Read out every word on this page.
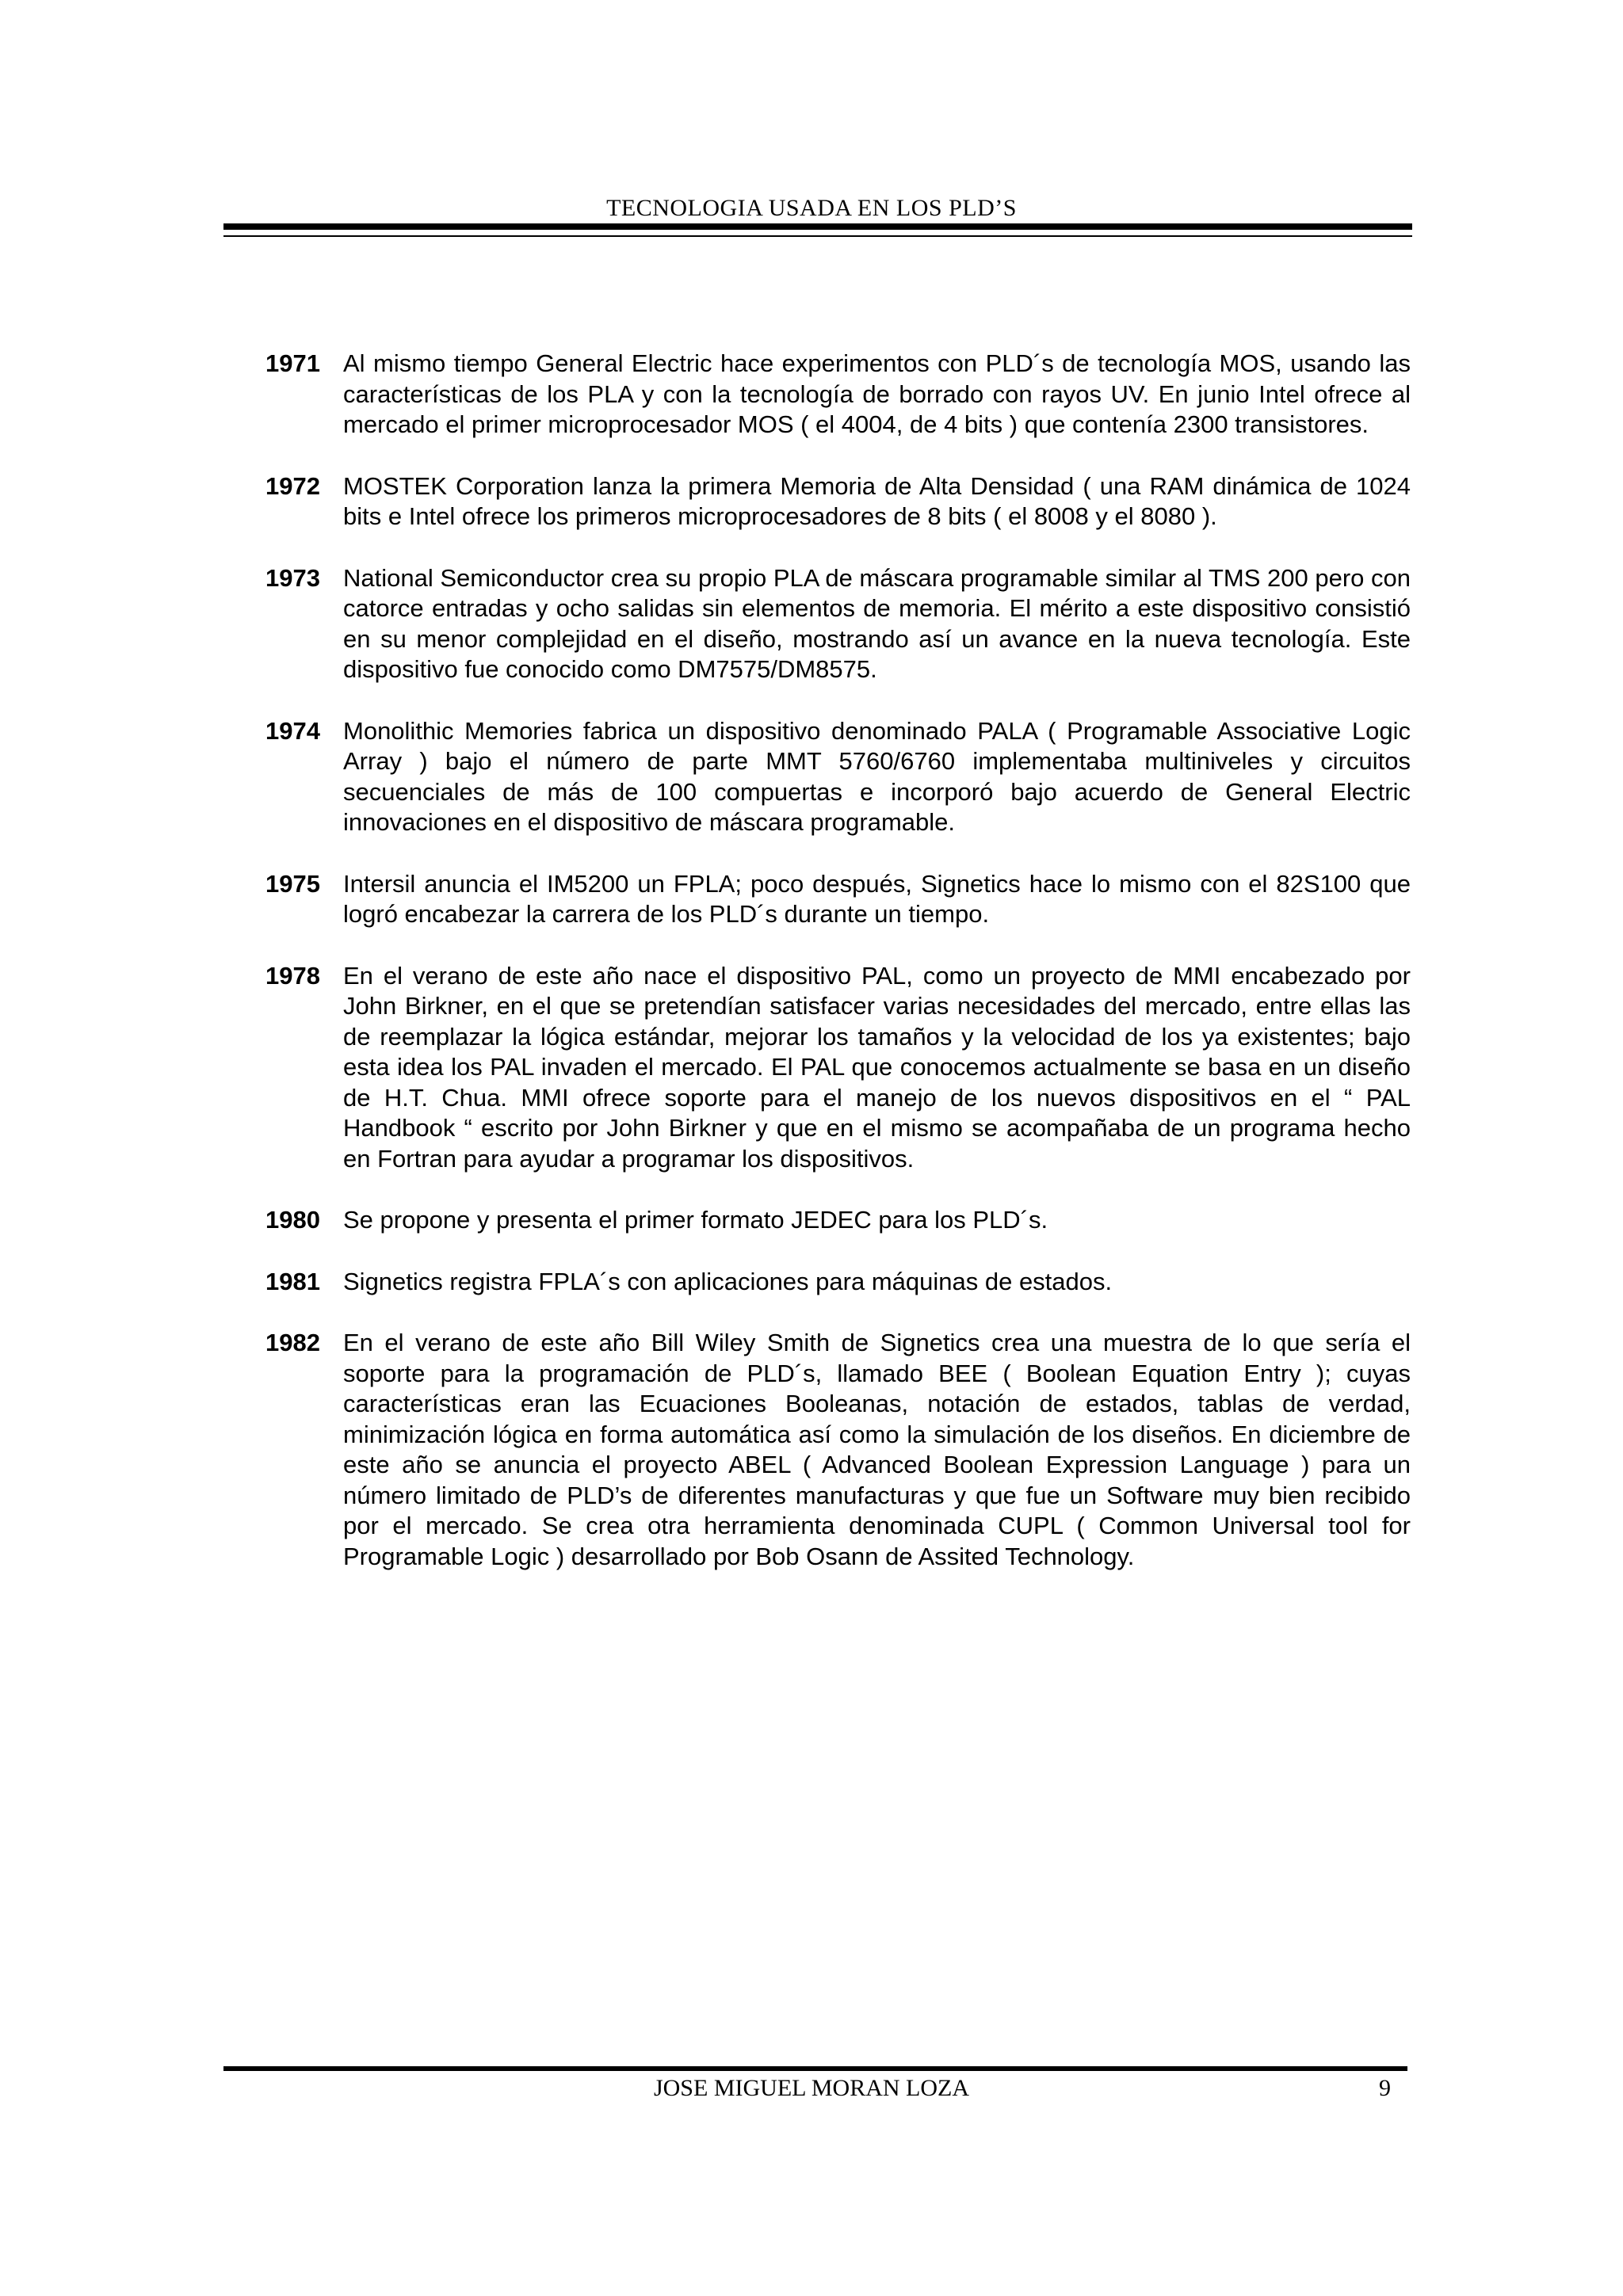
TECNOLOGIA USADA EN LOS PLD’S
1971 Al mismo tiempo General Electric hace experimentos con PLD´s de tecnología MOS, usando las características de los PLA y con la tecnología de borrado con rayos UV. En junio Intel ofrece al mercado el primer microprocesador MOS ( el 4004, de 4 bits ) que contenía 2300 transistores.
1972 MOSTEK Corporation lanza la primera Memoria de Alta Densidad ( una RAM dinámica de 1024 bits e Intel ofrece los primeros microprocesadores de 8 bits ( el 8008 y el 8080 ).
1973 National Semiconductor crea su propio PLA de máscara programable similar al TMS 200 pero con catorce entradas y ocho salidas sin elementos de memoria. El mérito a este dispositivo consistió en su menor complejidad en el diseño, mostrando así un avance en la nueva tecnología. Este dispositivo fue conocido como DM7575/DM8575.
1974 Monolithic Memories fabrica un dispositivo denominado PALA ( Programable Associative Logic Array ) bajo el número de parte MMT 5760/6760 implementaba multiniveles y circuitos secuenciales de más de 100 compuertas e incorporó bajo acuerdo de General Electric innovaciones en el dispositivo de máscara programable.
1975 Intersil anuncia el IM5200 un FPLA; poco después, Signetics hace lo mismo con el 82S100 que logró encabezar la carrera de los PLD´s durante un tiempo.
1978 En el verano de este año nace el dispositivo PAL, como un proyecto de MMI encabezado por John Birkner, en el que se pretendían satisfacer varias necesidades del mercado, entre ellas las de reemplazar la lógica estándar, mejorar los tamaños y la velocidad de los ya existentes; bajo esta idea los PAL invaden el mercado. El PAL que conocemos actualmente se basa en un diseño de H.T. Chua. MMI ofrece soporte para el manejo de los nuevos dispositivos en el “ PAL Handbook “ escrito por John Birkner y que en el mismo se acompañaba de un programa hecho en Fortran para ayudar a programar los dispositivos.
1980 Se propone y presenta el primer formato JEDEC para los PLD´s.
1981 Signetics registra FPLA´s con aplicaciones para máquinas de estados.
1982 En el verano de este año Bill Wiley Smith de Signetics crea una muestra de lo que sería el soporte para la programación de PLD´s, llamado BEE ( Boolean Equation Entry ); cuyas características eran las Ecuaciones Booleanas, notación de estados, tablas de verdad, minimización lógica en forma automática así como la simulación de los diseños. En diciembre de este año se anuncia el proyecto ABEL ( Advanced Boolean Expression Language ) para un número limitado de PLD’s de diferentes manufacturas y que fue un Software muy bien recibido por el mercado. Se crea otra herramienta denominada CUPL ( Common Universal tool for Programable Logic ) desarrollado por Bob Osann de Assited Technology.
JOSE MIGUEL MORAN LOZA	9
